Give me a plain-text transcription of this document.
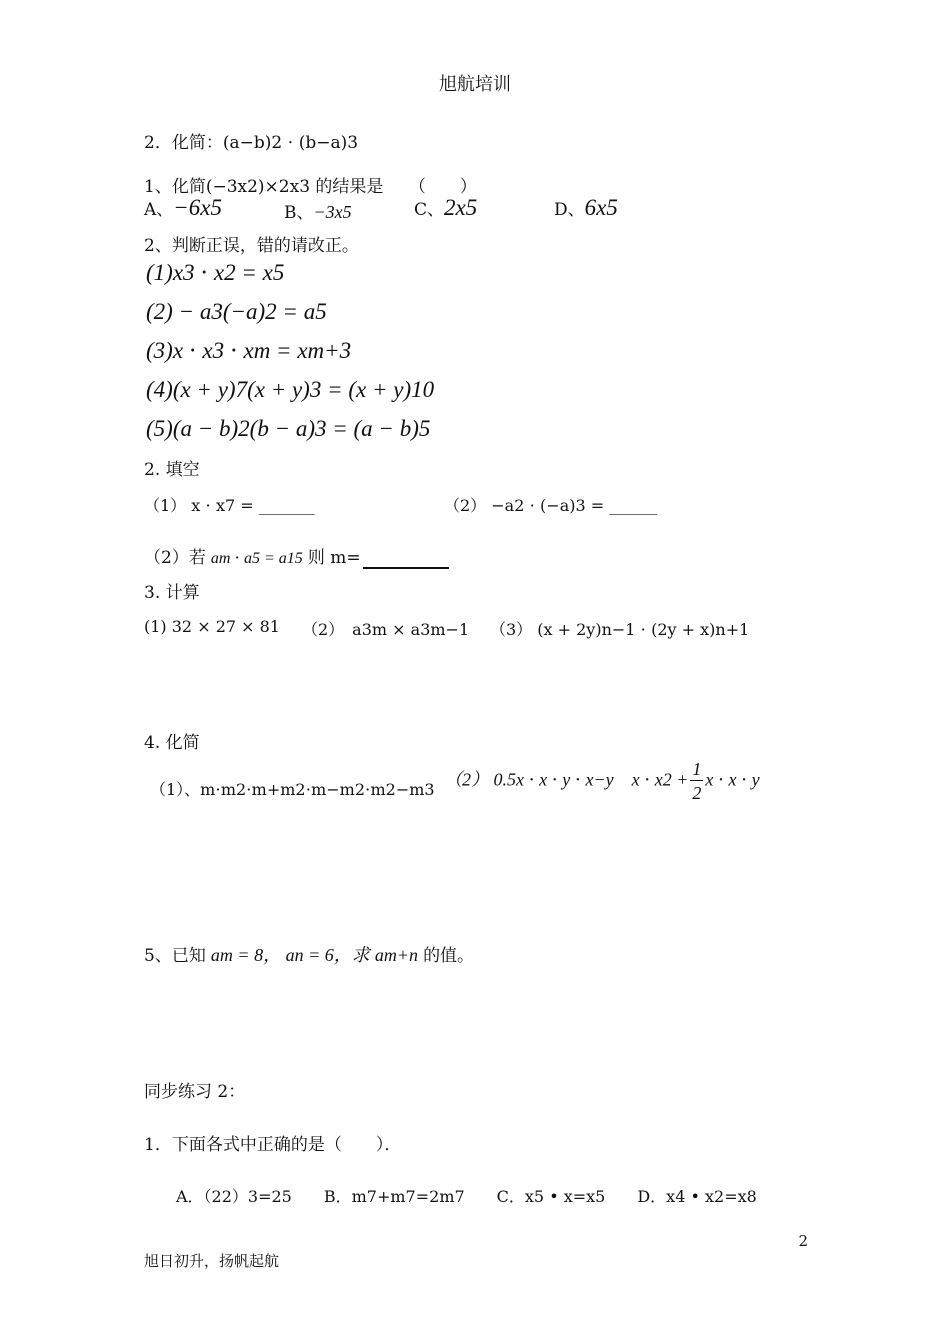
旭航培训
2．化简：(a−b)2 ⋅ (b−a)3
1、化简(−3x2)×2x3 的结果是　　（　　）
A、−6x5	B、−3x5	C、2x5	D、6x5
2、判断正误，错的请改正。
(1)x3 ⋅ x2 = x5
(2) − a3(−a)2 = a5
(3)x ⋅ x3 ⋅ xm = xm+3
(4)(x + y)7(x + y)3 = (x + y)10
(5)(a − b)2(b − a)3 = (a − b)5
2. 填空
（1） x ⋅ x7 = _______	（2） −a2 ⋅ (−a)3 = ______
（2）若 am ⋅ a5 = a15 则 m=
3. 计算
(1) 32 × 27 × 81 （2）　a3m × a3m−1 （3） (x + 2y)n−1 ⋅ (2y + x)n+1
4. 化简
（1）、m⋅m2⋅m+m2⋅m−m2⋅m2−m3 （2） 0.5x ⋅ x ⋅ y ⋅ x−y　$x \cdot x2 + \frac{1}{2}$ x ⋅ x ⋅ y
5、已知 am = 8， an = 6，求 am+n 的值。
同步练习 2：
1．下面各式中正确的是（　　）．
A．（22）3=25　　B．m7+m7=2m7　　C．x5 • x=x5　　D．x4 • x2=x8
2
旭日初升，扬帆起航
